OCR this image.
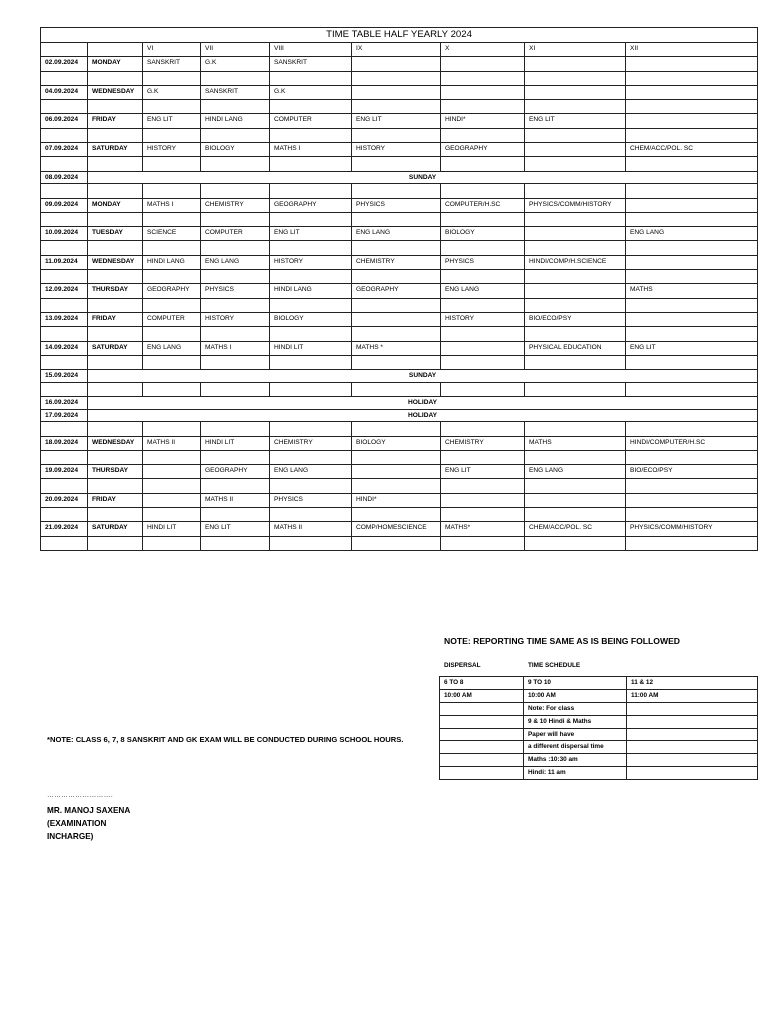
TIME TABLE HALF YEARLY 2024								
		VI	VII	VIII	IX	X	XI	XII
02.09.2024	MONDAY	SANSKRIT	G.K	SANSKRIT				

04.09.2024	WEDNESDAY	G.K	SANSKRIT	G.K				

06.09.2024	FRIDAY	ENG LIT	HINDI LANG	COMPUTER	ENG LIT	HINDI*	ENG LIT	

07.09.2024	SATURDAY	HISTORY	BIOLOGY	MATHS I	HISTORY	GEOGRAPHY		CHEM/ACC/POL. SC

08.09.2024	SUNDAY							

09.09.2024	MONDAY	MATHS I	CHEMISTRY	GEOGRAPHY	PHYSICS	COMPUTER/H.SC	PHYSICS/COMM/HISTORY	

10.09.2024	TUESDAY	SCIENCE	COMPUTER	ENG LIT	ENG LANG	BIOLOGY		ENG LANG

11.09.2024	WEDNESDAY	HINDI LANG	ENG LANG	HISTORY	CHEMISTRY	PHYSICS	HINDI/COMP/H.SCIENCE	

12.09.2024	THURSDAY	GEOGRAPHY	PHYSICS	HINDI LANG	GEOGRAPHY	ENG LANG		MATHS

13.09.2024	FRIDAY	COMPUTER	HISTORY	BIOLOGY		HISTORY	BIO/ECO/PSY	

14.09.2024	SATURDAY	ENG LANG	MATHS I	HINDI LIT	MATHS *		PHYSICAL EDUCATION	ENG LIT

15.09.2024	SUNDAY							

16.09.2024	HOLIDAY							
17.09.2024	HOLIDAY							

18.09.2024	WEDNESDAY	MATHS II	HINDI LIT	CHEMISTRY	BIOLOGY	CHEMISTRY	MATHS	HINDI/COMPUTER/H.SC

19.09.2024	THURSDAY		GEOGRAPHY	ENG LANG		ENG LIT	ENG LANG	BIO/ECO/PSY

20.09.2024	FRIDAY		MATHS II	PHYSICS	HINDI*			

21.09.2024	SATURDAY	HINDI LIT	ENG LIT	MATHS II	COMP/HOMESCIENCE	MATHS*	CHEM/ACC/POL. SC	PHYSICS/COMM/HISTORY

NOTE: REPORTING TIME SAME AS IS BEING FOLLOWED
DISPERSAL	TIME SCHEDULE
6 TO 8	9 TO 10	11 & 12
10:00 AM	10:00 AM	11:00 AM
	Note: For class	
	9 & 10 Hindi & Maths	
	Paper will have	
	a different dispersal time	
	Maths :10:30 am	
	Hindi: 11 am	
*NOTE: CLASS 6, 7, 8 SANSKRIT AND GK EXAM WILL BE CONDUCTED DURING SCHOOL HOURS.
……………………….
MR. MANOJ SAXENA
(EXAMINATION
INCHARGE)
